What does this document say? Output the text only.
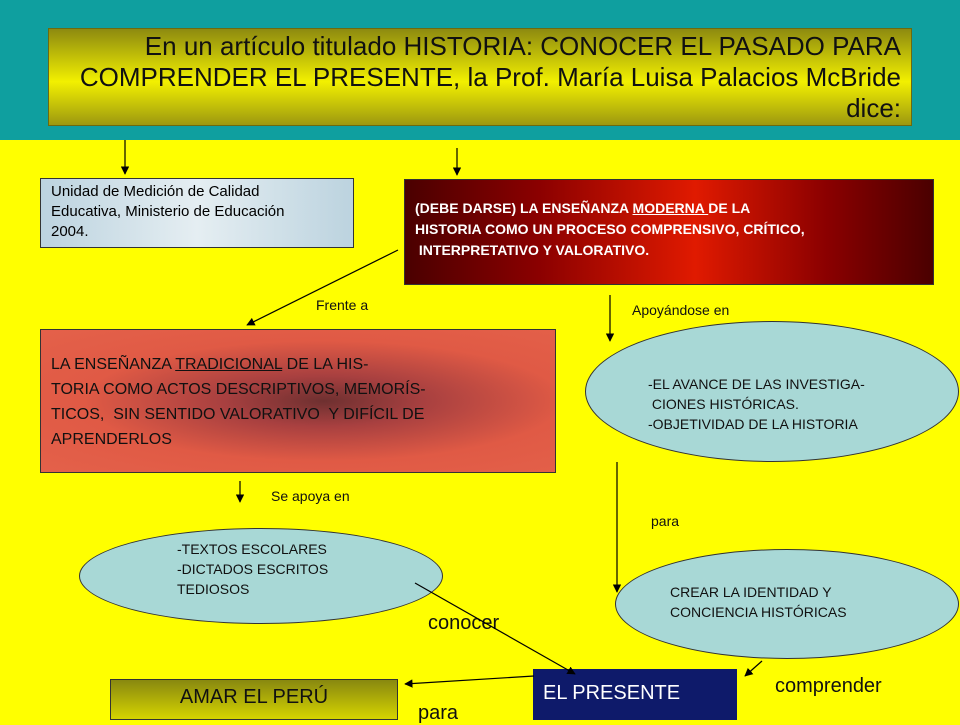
En un artículo titulado HISTORIA: CONOCER EL PASADO PARA
COMPRENDER EL PRESENTE, la Prof. María Luisa Palacios McBride
dice:
Unidad de Medición de Calidad
Educativa, Ministerio de Educación
2004.
(DEBE DARSE) LA ENSEÑANZA MODERNA DE LA
HISTORIA COMO UN PROCESO COMPRENSIVO, CRÍTICO,
INTERPRETATIVO Y VALORATIVO.
LA ENSEÑANZA TRADICIONAL DE LA HIS-
TORIA COMO ACTOS DESCRIPTIVOS, MEMORÍS-
TICOS,  SIN SENTIDO VALORATIVO  Y DIFÍCIL DE
APRENDERLOS
-EL AVANCE DE LAS INVESTIGA-
CIONES HISTÓRICAS.
-OBJETIVIDAD DE LA HISTORIA
-TEXTOS ESCOLARES
-DICTADOS ESCRITOS
TEDIOSOS	CREAR LA IDENTIDAD Y
CONCIENCIA HISTÓRICAS
EL PRESENTE
AMAR EL PERÚ
Frente a	Apoyándose en
Se apoya en
para
conocer
comprender
para
